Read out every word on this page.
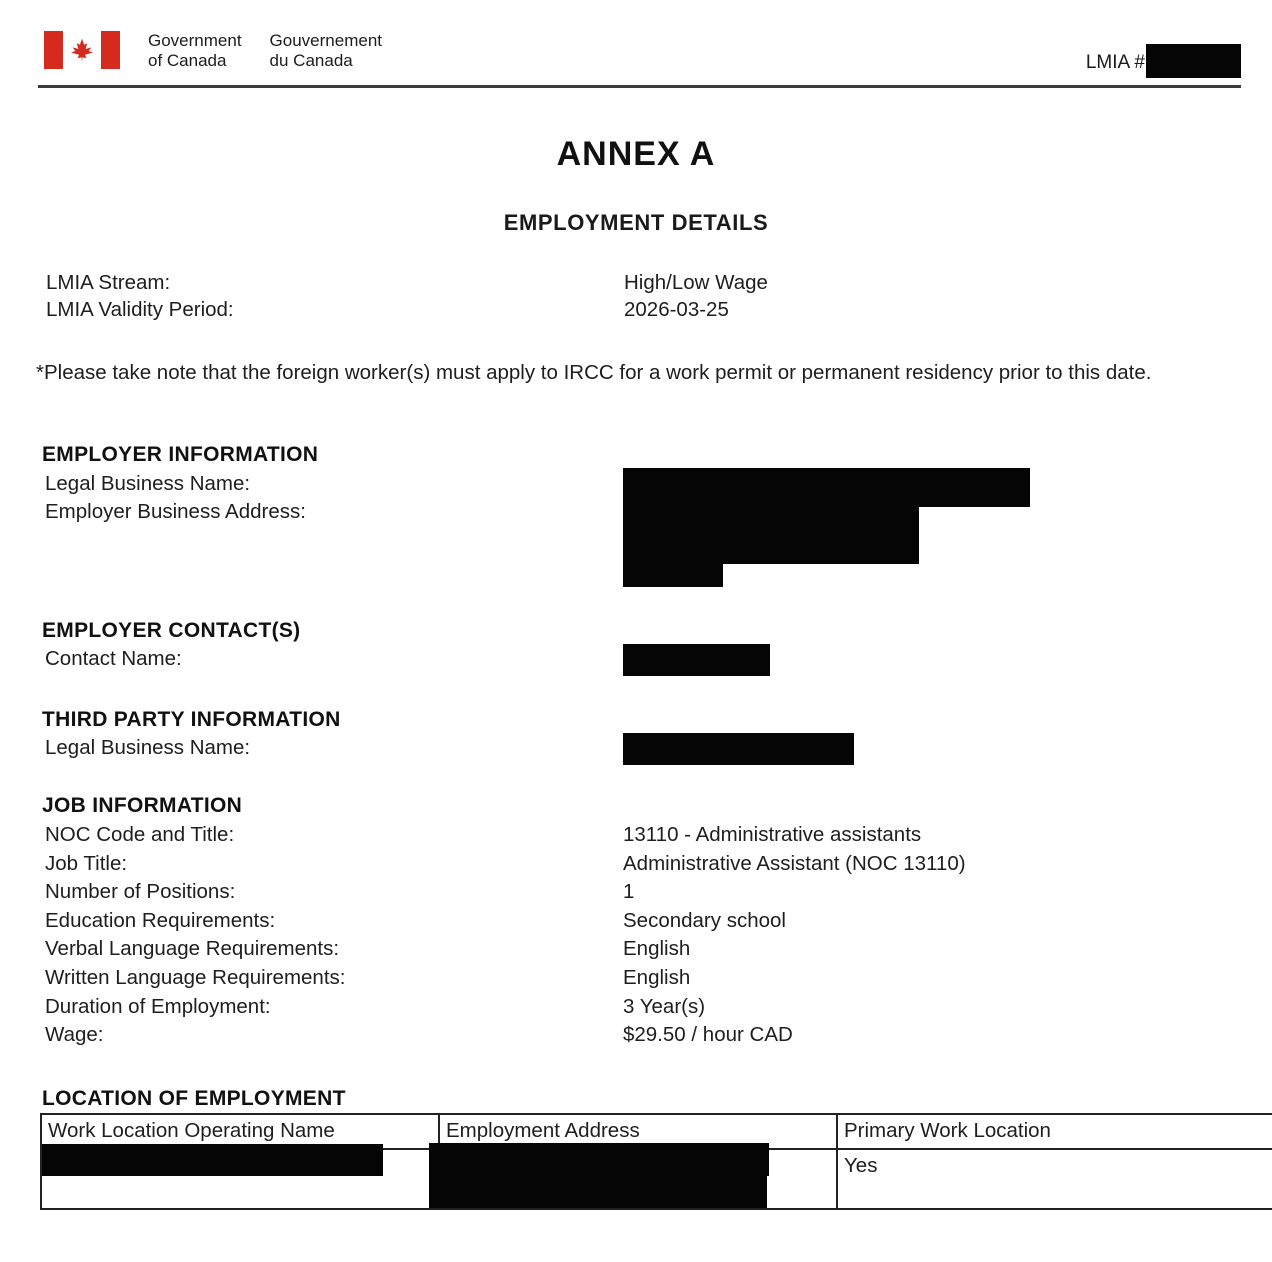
Government
of Canada
Gouvernement
du Canada	LMIA #
ANNEX A
EMPLOYMENT DETAILS
LMIA Stream:	High/Low Wage
LMIA Validity Period:	2026-03-25
*Please take note that the foreign worker(s) must apply to IRCC for a work permit or permanent residency prior to this date.
EMPLOYER INFORMATION
Legal Business Name:
Employer Business Address:
EMPLOYER CONTACT(S)
Contact Name:
THIRD PARTY INFORMATION
Legal Business Name:
JOB INFORMATION
NOC Code and Title:	13110 - Administrative assistants
Job Title:	Administrative Assistant (NOC 13110)
Number of Positions:	1
Education Requirements:	Secondary school
Verbal Language Requirements:	English
Written Language Requirements:	English
Duration of Employment:	3 Year(s)
Wage:	$29.50 / hour CAD
LOCATION OF EMPLOYMENT
Work Location Operating Name	Employment Address	Primary Work Location
		Yes
